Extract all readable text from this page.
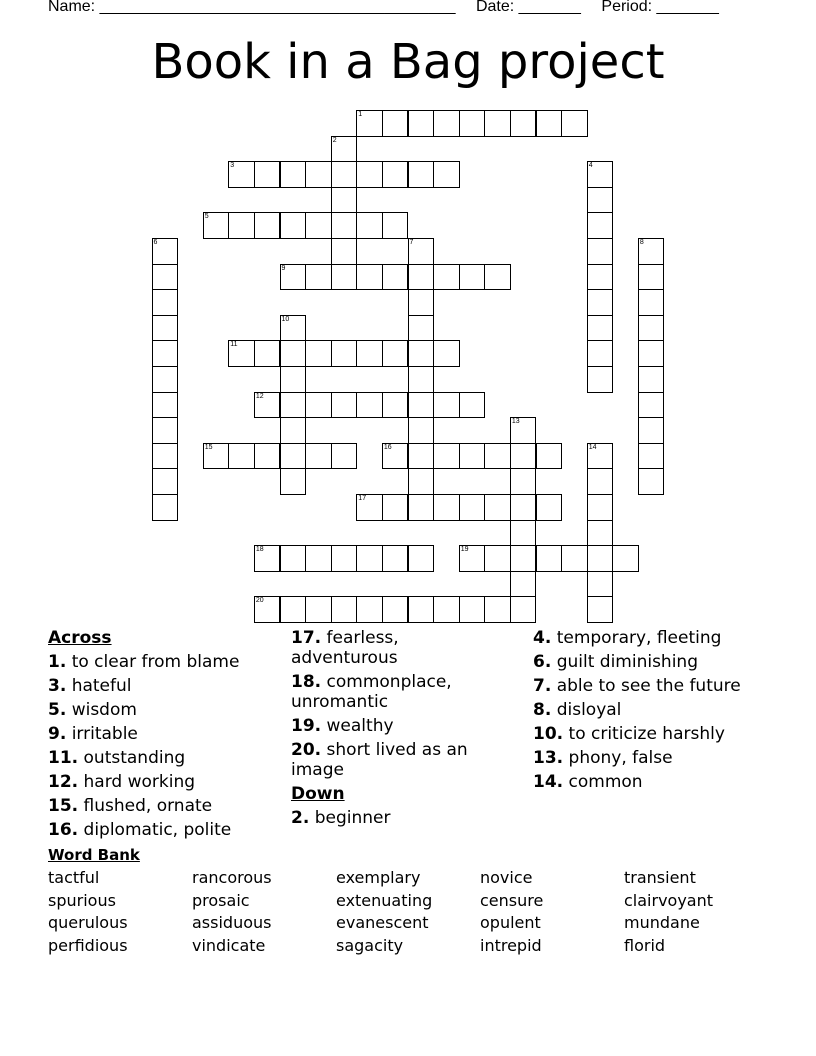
Name: ________________________________________ Date: _______ Period: _______
Book in a Bag project
1
3
5
9
11
12
15	16
17
18	19
20
2
4
6	7	8
10
13
14
Across
1. to clear from blame
3. hateful
5. wisdom
9. irritable
11. outstanding
12. hard working
15. flushed, ornate
16. diplomatic, polite
17. fearless, adventurous
18. commonplace, unromantic
19. wealthy
20. short lived as an image
Down
2. beginner
4. temporary, fleeting
6. guilt diminishing
7. able to see the future
8. disloyal
10. to criticize harshly
13. phony, false
14. common
Word Bank
tactful	rancorous	exemplary	novice	transient
spurious	prosaic	extenuating	censure	clairvoyant
querulous	assiduous	evanescent	opulent	mundane
perfidious	vindicate	sagacity	intrepid	florid
